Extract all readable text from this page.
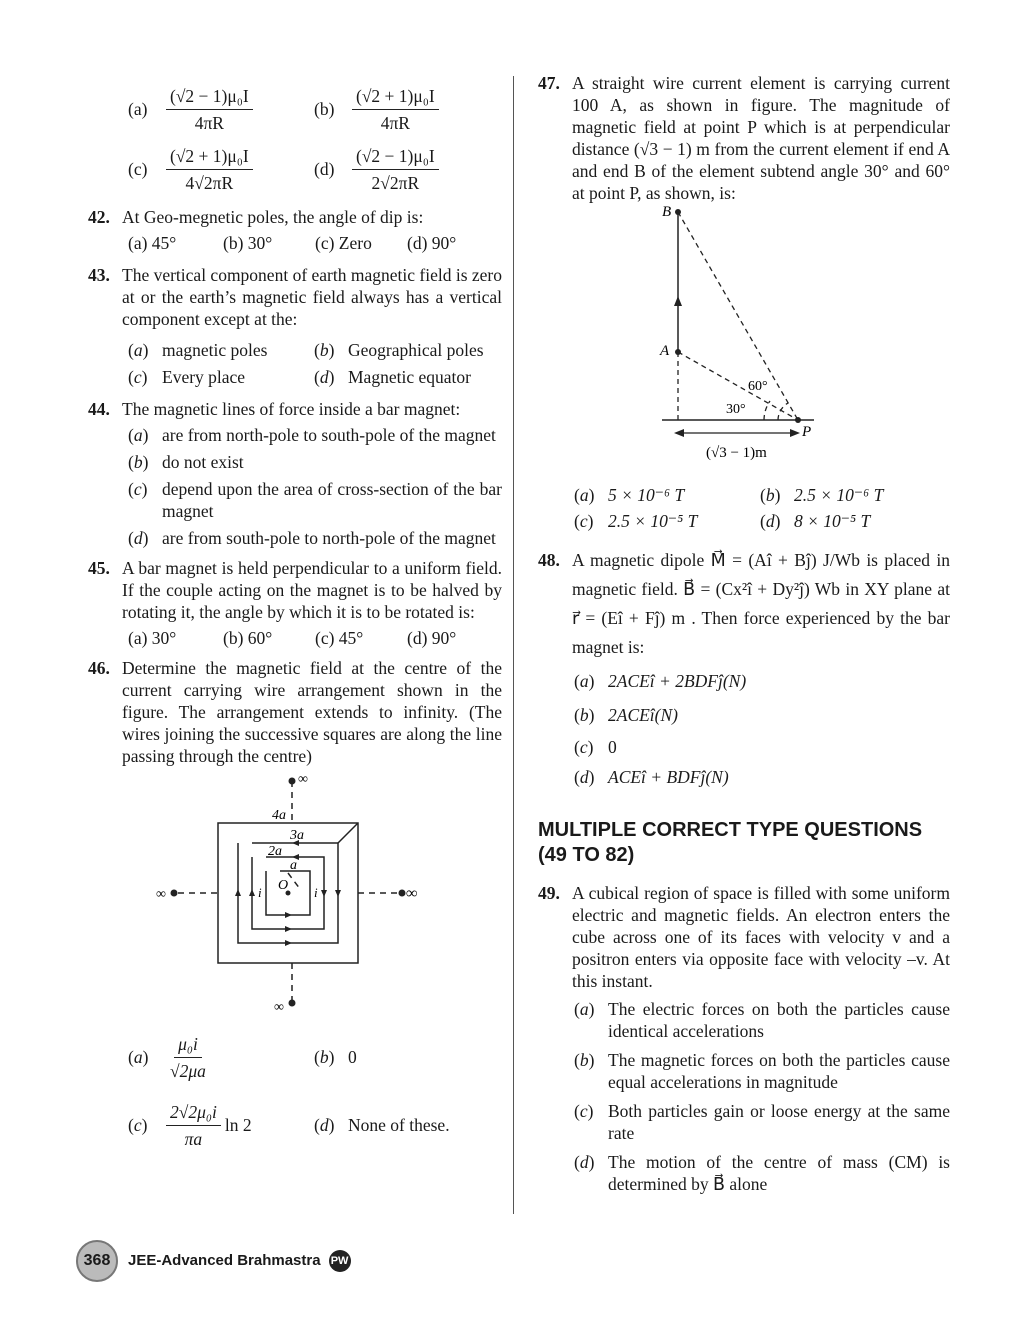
(a)	$\frac{\text{(√2 − 1)μ₀I}}{4\pi R}$	(b)	$\frac{\text{(√2 + 1)μ₀I}}{4\pi R}$
(c)	$\frac{\text{(√2 + 1)μ₀I}}{4√2\pi R}$	(d)	$\frac{\text{(√2 − 1)μ₀I}}{2√2\pi R}$
42. At Geo-megnetic poles, the angle of dip is:
(a) 45°	(b) 30°	(c) Zero	(d) 90°
43. The vertical component of earth magnetic field is zero at or the earth’s magnetic field always has a vertical component except at the:
(a) magnetic poles	(b) Geographical poles
(c) Every place	(d) Magnetic equator
44. The magnetic lines of force inside a bar magnet:
(a) are from north-pole to south-pole of the magnet
(b) do not exist
(c) depend upon the area of cross-section of the bar magnet
(d) are from south-pole to north-pole of the magnet
45. A bar magnet is held perpendicular to a uniform field. If the couple acting on the magnet is to be halved by rotating it, the angle by which it is to be rotated is:
(a) 30°	(b) 60°	(c) 45°	(d) 90°
46. Determine the magnetic field at the centre of the current carrying wire arrangement shown in the figure. The arrangement extends to infinity. (The wires joining the successive squares are along the line passing through the centre)
∞
∞
∞	∞
4a
3a
2a
a
O
i	i
(a)	$\frac{\text{μ₀i}}{√2\mu a}$	(b) 0
(c)	$\frac{\text{2√2μ₀i}}{\pi a}$ ln 2	(d) None of these.
47. A straight wire current element is carrying current 100 A, as shown in figure. The magnitude of magnetic field at point P which is at perpendicular distance (√3 − 1) m from the current element if end A and end B of the element subtend angle 30° and 60° at point P, as shown, is:
B
A
P
60°
30°
(√3 − 1)m
(a) 5 × 10⁻⁶ T	(b) 2.5 × 10⁻⁶ T
(c) 2.5 × 10⁻⁵ T	(d) 8 × 10⁻⁵ T
48. A magnetic dipole M⃗ = (Aî + Bĵ) J/Wb is placed in magnetic field. B⃗ = (Cx²î + Dy²ĵ) Wb in XY plane at r⃗ = (Eî + Fĵ) m . Then force experienced by the bar magnet is:
(a) 2ACEî + 2BDFĵ(N)
(b) 2ACEî(N)
(c) 0
(d) ACEî + BDFĵ(N)
MULTIPLE CORRECT TYPE QUESTIONS (49 TO 82)
49. A cubical region of space is filled with some uniform electric and magnetic fields. An electron enters the cube across one of its faces with velocity v and a positron enters via opposite face with velocity –v. At this instant.
(a) The electric forces on both the particles cause identical accelerations
(b) The magnetic forces on both the particles cause equal accelerations in magnitude
(c) Both particles gain or loose energy at the same rate
(d) The motion of the centre of mass (CM) is determined by B⃗ alone
368	JEE-Advanced Brahmastra PW
